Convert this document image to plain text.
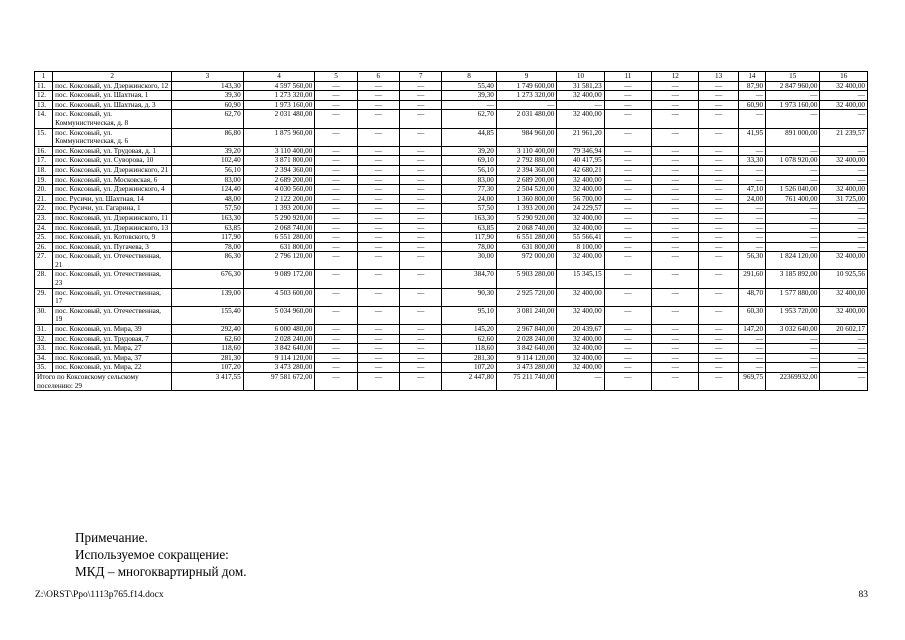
1	2	3	4	5	6	7	8	9	10	11	12	13	14	15	16
11.	пос. Коксовый, ул. Дзержинского, 12	143,30	4 597 560,00	—	—	—	55,40	1 749 600,00	31 581,23	—	—	—	87,90	2 847 960,00	32 400,00
12.	пос. Коксовый, ул. Шахтная, 1	39,30	1 273 320,00	—	—	—	39,30	1 273 320,00	32 400,00	—	—	—	—	—	—
13.	пос. Коксовый, ул. Шахтная, д. 3	60,90	1 973 160,00	—	—	—	—	—	—	—	—	—	60,90	1 973 160,00	32 400,00
14.	пос. Коксовый, ул. Коммунистическая, д. 8	62,70	2 031 480,00	—	—	—	62,70	2 031 480,00	32 400,00	—	—	—	—	—	—
15.	пос. Коксовый, ул. Коммунистическая, д. 6	86,80	1 875 960,00	—	—	—	44,85	984 960,00	21 961,20	—	—	—	41,95	891 000,00	21 239,57
16.	пос. Коксовый, ул. Трудовая, д. 1	39,20	3 110 400,00	—	—	—	39,20	3 110 400,00	79 346,94	—	—	—	—	—	—
17.	пос. Коксовый, ул. Суворова, 10	102,40	3 871 800,00	—	—	—	69,10	2 792 880,00	40 417,95	—	—	—	33,30	1 078 920,00	32 400,00
18.	пос. Коксовый, ул. Дзержинского, 21	56,10	2 394 360,00	—	—	—	56,10	2 394 360,00	42 680,21	—	—	—	—	—	—
19.	пос. Коксовый, ул. Московская, 6	83,00	2 689 200,00	—	—	—	83,00	2 689 200,00	32 400,00	—	—	—	—	—	—
20.	пос. Коксовый, ул. Дзержинского, 4	124,40	4 030 560,00	—	—	—	77,30	2 504 520,00	32 400,00	—	—	—	47,10	1 526 040,00	32 400,00
21.	пос. Русичи, ул. Шахтная, 14	48,00	2 122 200,00	—	—	—	24,00	1 360 800,00	56 700,00	—	—	—	24,00	761 400,00	31 725,00
22.	пос. Русичи, ул. Гагарина, 1	57,50	1 393 200,00	—	—	—	57,50	1 393 200,00	24 229,57	—	—	—	—	—	—
23.	пос. Коксовый, ул. Дзержинского, 11	163,30	5 290 920,00	—	—	—	163,30	5 290 920,00	32 400,00	—	—	—	—	—	—
24.	пос. Коксовый, ул. Дзержинского, 13	63,85	2 068 740,00	—	—	—	63,85	2 068 740,00	32 400,00	—	—	—	—	—	—
25.	пос. Коксовый, ул. Котовского, 9	117,90	6 551 280,00	—	—	—	117,90	6 551 280,00	55 566,41	—	—	—	—	—	—
26.	пос. Коксовый, ул. Пугачева, 3	78,00	631 800,00	—	—	—	78,00	631 800,00	8 100,00	—	—	—	—	—	—
27.	пос. Коксовый, ул. Отечественная, 21	86,30	2 796 120,00	—	—	—	30,00	972 000,00	32 400,00	—	—	—	56,30	1 824 120,00	32 400,00
28.	пос. Коксовый, ул. Отечественная, 23	676,30	9 089 172,00	—	—	—	384,70	5 903 280,00	15 345,15	—	—	—	291,60	3 185 892,00	10 925,56
29.	пос. Коксовый, ул. Отечественная, 17	139,00	4 503 600,00	—	—	—	90,30	2 925 720,00	32 400,00	—	—	—	48,70	1 577 880,00	32 400,00
30.	пос. Коксовый, ул. Отечественная, 19	155,40	5 034 960,00	—	—	—	95,10	3 081 240,00	32 400,00	—	—	—	60,30	1 953 720,00	32 400,00
31.	пос. Коксовый, ул. Мира, 39	292,40	6 000 480,00	—	—	—	145,20	2 967 840,00	20 439,67	—	—	—	147,20	3 032 640,00	20 602,17
32.	пос. Коксовый, ул. Трудовая, 7	62,60	2 028 240,00	—	—	—	62,60	2 028 240,00	32 400,00	—	—	—	—	—	—
33.	пос. Коксовый, ул. Мира, 27	118,60	3 842 640,00	—	—	—	118,60	3 842 640,00	32 400,00	—	—	—	—	—	—
34.	пос. Коксовый, ул. Мира, 37	281,30	9 114 120,00	—	—	—	281,30	9 114 120,00	32 400,00	—	—	—	—	—	—
35.	пос. Коксовый, ул. Мира, 22	107,20	3 473 280,00	—	—	—	107,20	3 473 280,00	32 400,00	—	—	—	—	—	—
Итого по Коксовскому сельскому поселению: 29		3 417,55	97 581 672,00	—	—	—	2 447,80	75 211 740,00	—	—	—	—	969,75	22369932,00	—
Примечание.
Используемое сокращение:
МКД – многоквартирный дом.
Z:\ORST\Ppo\1113p765.f14.docx	83
